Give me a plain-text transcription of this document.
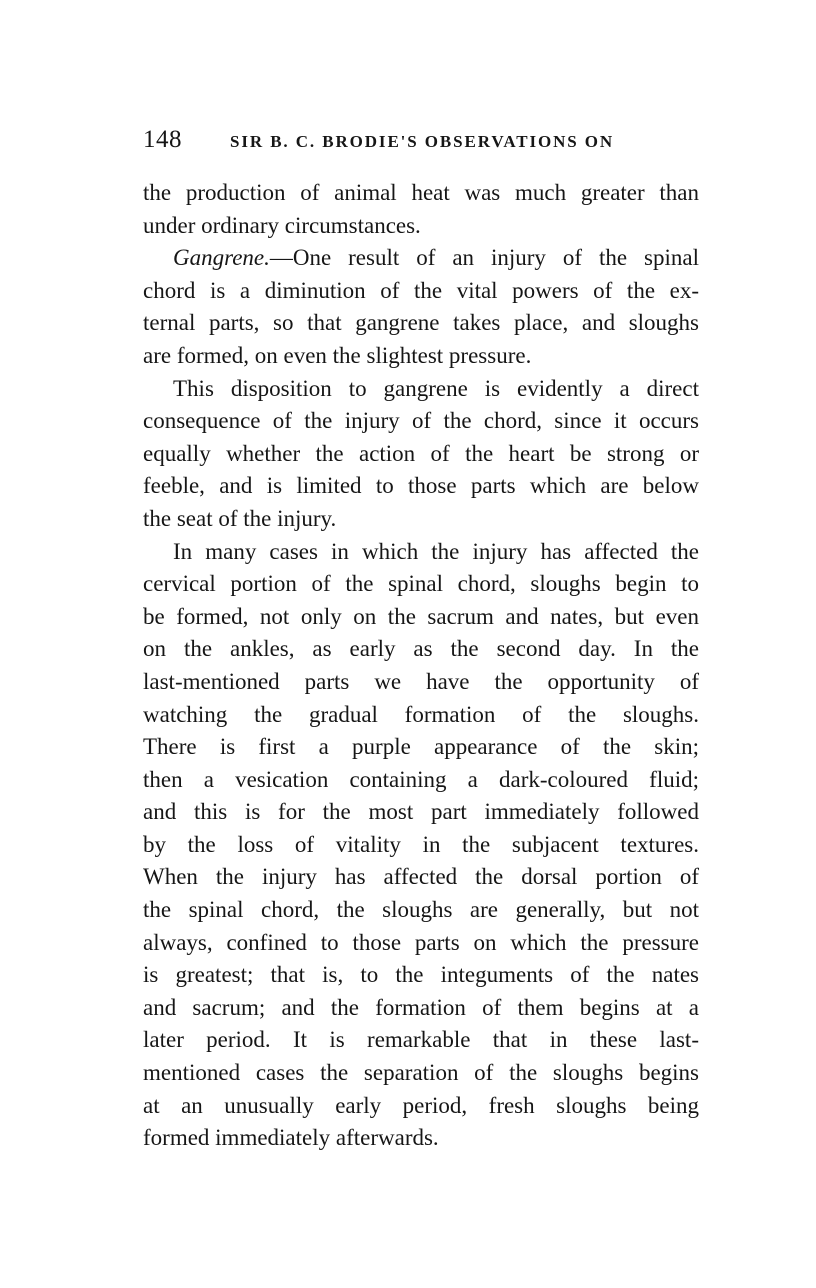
148	SIR B. C. BRODIE'S OBSERVATIONS ON
the production of animal heat was much greater than
under ordinary circumstances.
Gangrene.—One result of an injury of the spinal
chord is a diminution of the vital powers of the ex-
ternal parts, so that gangrene takes place, and sloughs
are formed, on even the slightest pressure.
This disposition to gangrene is evidently a direct
consequence of the injury of the chord, since it occurs
equally whether the action of the heart be strong or
feeble, and is limited to those parts which are below
the seat of the injury.
In many cases in which the injury has affected the
cervical portion of the spinal chord, sloughs begin to
be formed, not only on the sacrum and nates, but even
on the ankles, as early as the second day. In the
last-mentioned parts we have the opportunity of
watching the gradual formation of the sloughs.
There is first a purple appearance of the skin;
then a vesication containing a dark-coloured fluid;
and this is for the most part immediately followed
by the loss of vitality in the subjacent textures.
When the injury has affected the dorsal portion of
the spinal chord, the sloughs are generally, but not
always, confined to those parts on which the pressure
is greatest; that is, to the integuments of the nates
and sacrum; and the formation of them begins at a
later period. It is remarkable that in these last-
mentioned cases the separation of the sloughs begins
at an unusually early period, fresh sloughs being
formed immediately afterwards.
